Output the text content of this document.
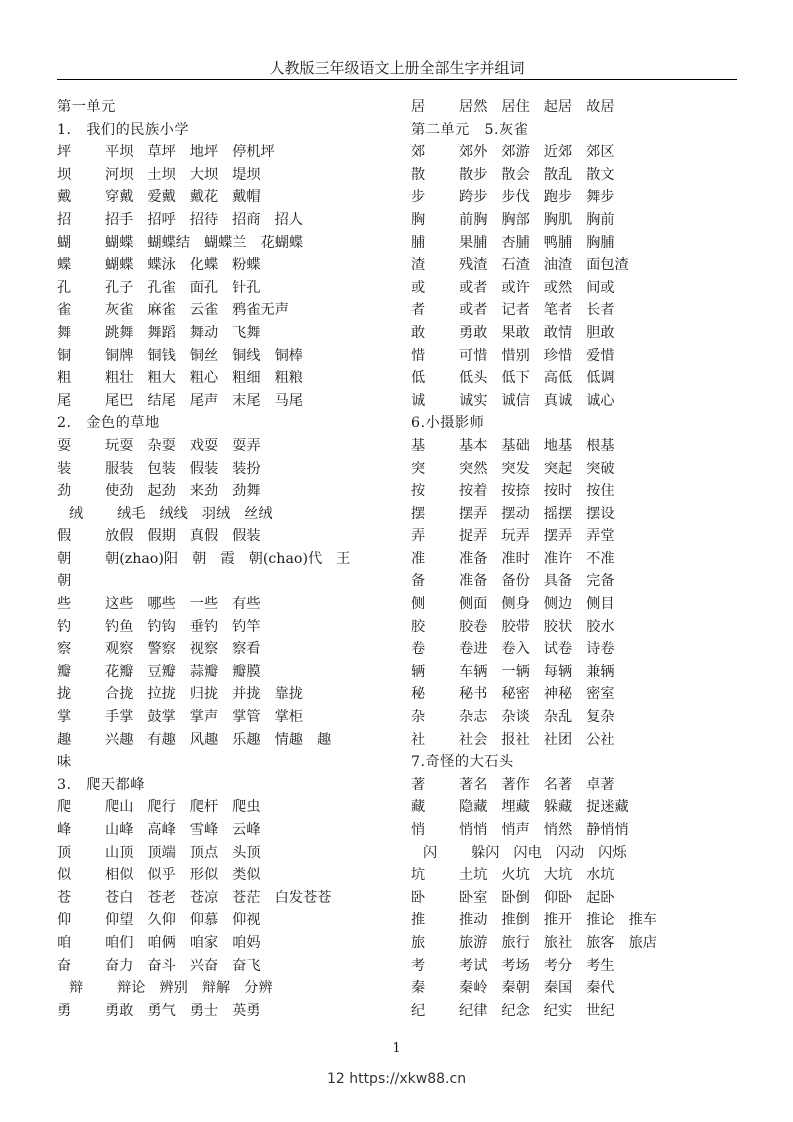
人教版三年级语文上册全部生字并组词
第一单元
1.　我们的民族小学
坪 平坝 草坪 地坪 停机坪
坝 河坝 土坝 大坝 堤坝
戴 穿戴 爱戴 戴花 戴帽
招 招手 招呼 招待 招商 招人
蝴 蝴蝶 蝴蝶结 蝴蝶兰 花蝴蝶
蝶 蝴蝶 蝶泳 化蝶 粉蝶
孔 孔子 孔雀 面孔 针孔
雀 灰雀 麻雀 云雀 鸦雀无声
舞 跳舞 舞蹈 舞动 飞舞
铜 铜牌 铜钱 铜丝 铜线 铜棒
粗 粗壮 粗大 粗心 粗细 粗粮
尾 尾巴 结尾 尾声 末尾 马尾
2.　金色的草地
耍 玩耍 杂耍 戏耍 耍弄
装 服装 包装 假装 装扮
劲 使劲 起劲 来劲 劲舞
绒 绒毛 绒线 羽绒 丝绒
假 放假 假期 真假 假装
朝 朝(zhao)阳 朝　霞 朝(chao)代 王
朝
些 这些 哪些 一些 有些
钓 钓鱼 钓钩 垂钓 钓竿
察 观察 警察 视察 察看
瓣 花瓣 豆瓣 蒜瓣 瓣膜
拢 合拢 拉拢 归拢 并拢 靠拢
掌 手掌 鼓掌 掌声 掌管 掌柜
趣 兴趣 有趣 风趣 乐趣 情趣 趣
味
3.　爬天都峰
爬 爬山 爬行 爬杆 爬虫
峰 山峰 高峰 雪峰 云峰
顶 山顶 顶端 顶点 头顶
似 相似 似乎 形似 类似
苍 苍白 苍老 苍凉 苍茫 白发苍苍
仰 仰望 久仰 仰慕 仰视
咱 咱们 咱俩 咱家 咱妈
奋 奋力 奋斗 兴奋 奋飞
辩 辩论 辨别 辩解 分辨
勇 勇敢 勇气 勇士 英勇
居 居然 居住 起居 故居
第二单元　5.灰雀
郊 郊外 郊游 近郊 郊区
散 散步 散会 散乱 散文
步 跨步 步伐 跑步 舞步
胸 前胸 胸部 胸肌 胸前
脯 果脯 杏脯 鸭脯 胸脯
渣 残渣 石渣 油渣 面包渣
或 或者 或许 或然 间或
者 或者 记者 笔者 长者
敢 勇敢 果敢 敢情 胆敢
惜 可惜 惜别 珍惜 爱惜
低 低头 低下 高低 低调
诚 诚实 诚信 真诚 诚心
6.小摄影师
基 基本 基础 地基 根基
突 突然 突发 突起 突破
按 按着 按捺 按时 按住
摆 摆弄 摆动 摇摆 摆设
弄 捉弄 玩弄 摆弄 弄堂
准 准备 准时 准许 不准
备 准备 备份 具备 完备
侧 侧面 侧身 侧边 侧目
胶 胶卷 胶带 胶状 胶水
卷 卷进 卷入 试卷 诗卷
辆 车辆 一辆 每辆 兼辆
秘 秘书 秘密 神秘 密室
杂 杂志 杂谈 杂乱 复杂
社 社会 报社 社团 公社
7.奇怪的大石头
著 著名 著作 名著 卓著
藏 隐藏 埋藏 躲藏 捉迷藏
悄 悄悄 悄声 悄然 静悄悄
闪 躲闪 闪电 闪动 闪烁
坑 土坑 火坑 大坑 水坑
卧 卧室 卧倒 仰卧 起卧
推 推动 推倒 推开 推论 推车
旅 旅游 旅行 旅社 旅客 旅店
考 考试 考场 考分 考生
秦 秦岭 秦朝 秦国 秦代
纪 纪律 纪念 纪实 世纪
1
12 https://xkw88.cn
